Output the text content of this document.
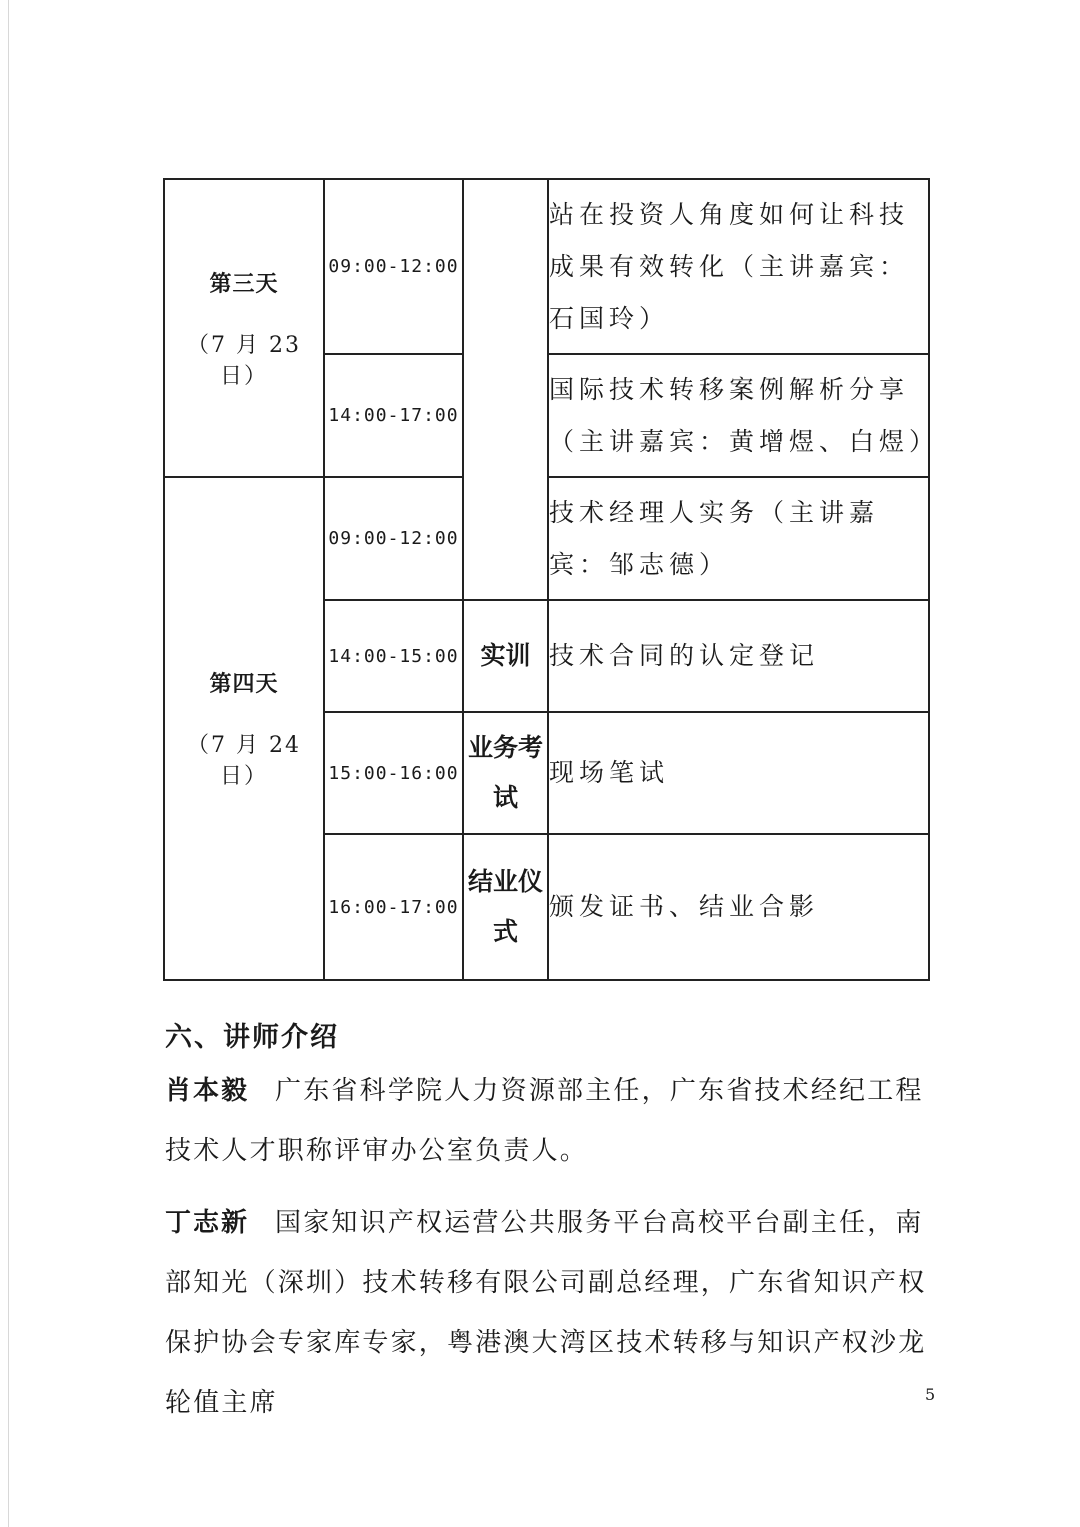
第三天
（7 月 23 日）	09:00-12:00		站在投资人角度如何让科技成果有效转化（主讲嘉宾：石国玲）
	14:00-17:00		国际技术转移案例解析分享（主讲嘉宾：黄增煜、白煜）

第四天
（7 月 24 日）	09:00-12:00		技术经理人实务（主讲嘉宾：邹志德）
	14:00-15:00	实训	技术合同的认定登记
	15:00-16:00	业务考试	现场笔试
	16:00-17:00	结业仪式	颁发证书、结业合影
六、讲师介绍
肖本毅 广东省科学院人力资源部主任，广东省技术经纪工程技术人才职称评审办公室负责人。
丁志新 国家知识产权运营公共服务平台高校平台副主任，南部知光（深圳）技术转移有限公司副总经理，广东省知识产权保护协会专家库专家，粤港澳大湾区技术转移与知识产权沙龙轮值主席	5
